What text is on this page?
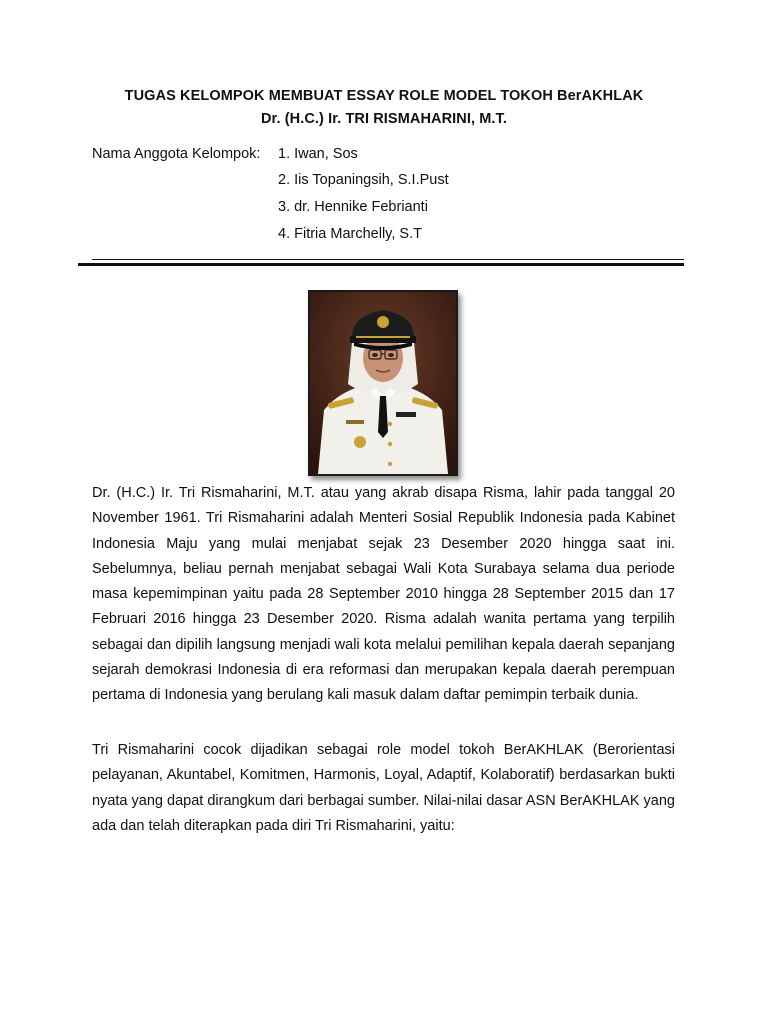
TUGAS KELOMPOK MEMBUAT ESSAY ROLE MODEL TOKOH BerAKHLAK
Dr. (H.C.) Ir. TRI RISMAHARINI, M.T.
Nama Anggota Kelompok: 1. Iwan, Sos
2. Iis Topaningsih, S.I.Pust
3. dr. Hennike Febrianti
4. Fitria Marchelly, S.T

Dr. (H.C.) Ir. Tri Rismaharini, M.T. atau yang akrab disapa Risma, lahir pada tanggal 20 November 1961. Tri Rismaharini adalah Menteri Sosial Republik Indonesia pada Kabinet Indonesia Maju yang mulai menjabat sejak 23 Desember 2020 hingga saat ini. Sebelumnya, beliau pernah menjabat sebagai Wali Kota Surabaya selama dua periode masa kepemimpinan yaitu pada 28 September 2010 hingga 28 September 2015 dan 17 Februari 2016 hingga 23 Desember 2020. Risma adalah wanita pertama yang terpilih sebagai dan dipilih langsung menjadi wali kota melalui pemilihan kepala daerah sepanjang sejarah demokrasi Indonesia di era reformasi dan merupakan kepala daerah perempuan pertama di Indonesia yang berulang kali masuk dalam daftar pemimpin terbaik dunia.

Tri Rismaharini cocok dijadikan sebagai role model tokoh BerAKHLAK (Berorientasi pelayanan, Akuntabel, Komitmen, Harmonis, Loyal, Adaptif, Kolaboratif) berdasarkan bukti nyata yang dapat dirangkum dari berbagai sumber. Nilai-nilai dasar ASN BerAKHLAK yang ada dan telah diterapkan pada diri Tri Rismaharini, yaitu:
